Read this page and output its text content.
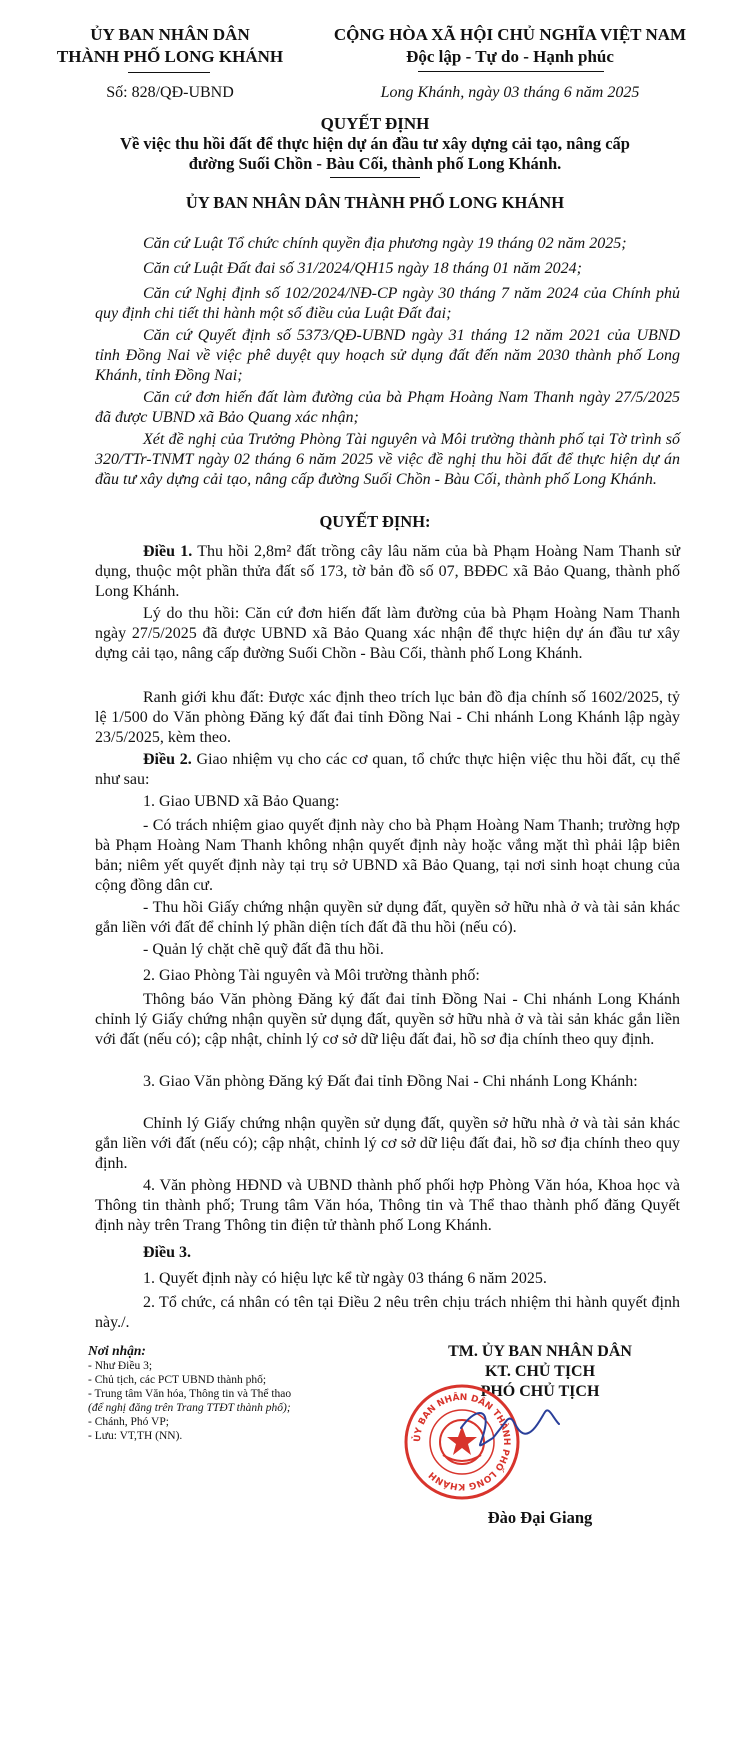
ỦY BAN NHÂN DÂN
THÀNH PHỐ LONG KHÁNH
CỘNG HÒA XÃ HỘI CHỦ NGHĨA VIỆT NAM
Độc lập - Tự do - Hạnh phúc
Số: 828/QĐ-UBND	Long Khánh, ngày 03 tháng 6 năm 2025
QUYẾT ĐỊNH
Về việc thu hồi đất để thực hiện dự án đầu tư xây dựng cải tạo, nâng cấp
đường Suối Chồn - Bàu Cối, thành phố Long Khánh.
ỦY BAN NHÂN DÂN THÀNH PHỐ LONG KHÁNH
Căn cứ Luật Tổ chức chính quyền địa phương ngày 19 tháng 02 năm 2025;
Căn cứ Luật Đất đai số 31/2024/QH15 ngày 18 tháng 01 năm 2024;
Căn cứ Nghị định số 102/2024/NĐ-CP ngày 30 tháng 7 năm 2024 của Chính phủ quy định chi tiết thi hành một số điều của Luật Đất đai;
Căn cứ Quyết định số 5373/QĐ-UBND ngày 31 tháng 12 năm 2021 của UBND tỉnh Đồng Nai về việc phê duyệt quy hoạch sử dụng đất đến năm 2030 thành phố Long Khánh, tỉnh Đồng Nai;
Căn cứ đơn hiến đất làm đường của bà Phạm Hoàng Nam Thanh ngày 27/5/2025 đã được UBND xã Bảo Quang xác nhận;
Xét đề nghị của Trưởng Phòng Tài nguyên và Môi trường thành phố tại Tờ trình số 320/TTr-TNMT ngày 02 tháng 6 năm 2025 về việc đề nghị thu hồi đất để thực hiện dự án đầu tư xây dựng cải tạo, nâng cấp đường Suối Chồn - Bàu Cối, thành phố Long Khánh.
QUYẾT ĐỊNH:
Điều 1. Thu hồi 2,8m² đất trồng cây lâu năm của bà Phạm Hoàng Nam Thanh sử dụng, thuộc một phần thửa đất số 173, tờ bản đồ số 07, BĐĐC xã Bảo Quang, thành phố Long Khánh.
Lý do thu hồi: Căn cứ đơn hiến đất làm đường của bà Phạm Hoàng Nam Thanh ngày 27/5/2025 đã được UBND xã Bảo Quang xác nhận để thực hiện dự án đầu tư xây dựng cải tạo, nâng cấp đường Suối Chồn - Bàu Cối, thành phố Long Khánh.
Ranh giới khu đất: Được xác định theo trích lục bản đồ địa chính số 1602/2025, tỷ lệ 1/500 do Văn phòng Đăng ký đất đai tỉnh Đồng Nai - Chi nhánh Long Khánh lập ngày 23/5/2025, kèm theo.
Điều 2. Giao nhiệm vụ cho các cơ quan, tổ chức thực hiện việc thu hồi đất, cụ thể như sau:
1. Giao UBND xã Bảo Quang:
- Có trách nhiệm giao quyết định này cho bà Phạm Hoàng Nam Thanh; trường hợp bà Phạm Hoàng Nam Thanh không nhận quyết định này hoặc vắng mặt thì phải lập biên bản; niêm yết quyết định này tại trụ sở UBND xã Bảo Quang, tại nơi sinh hoạt chung của cộng đồng dân cư.
- Thu hồi Giấy chứng nhận quyền sử dụng đất, quyền sở hữu nhà ở và tài sản khác gắn liền với đất để chỉnh lý phần diện tích đất đã thu hồi (nếu có).
- Quản lý chặt chẽ quỹ đất đã thu hồi.
2. Giao Phòng Tài nguyên và Môi trường thành phố:
Thông báo Văn phòng Đăng ký đất đai tỉnh Đồng Nai - Chi nhánh Long Khánh chỉnh lý Giấy chứng nhận quyền sử dụng đất, quyền sở hữu nhà ở và tài sản khác gắn liền với đất (nếu có); cập nhật, chỉnh lý cơ sở dữ liệu đất đai, hồ sơ địa chính theo quy định.
3. Giao Văn phòng Đăng ký Đất đai tỉnh Đồng Nai - Chi nhánh Long Khánh:
Chỉnh lý Giấy chứng nhận quyền sử dụng đất, quyền sở hữu nhà ở và tài sản khác gắn liền với đất (nếu có); cập nhật, chỉnh lý cơ sở dữ liệu đất đai, hồ sơ địa chính theo quy định.
4. Văn phòng HĐND và UBND thành phố phối hợp Phòng Văn hóa, Khoa học và Thông tin thành phố; Trung tâm Văn hóa, Thông tin và Thể thao thành phố đăng Quyết định này trên Trang Thông tin điện tử thành phố Long Khánh.
Điều 3.
1. Quyết định này có hiệu lực kể từ ngày 03 tháng 6 năm 2025.
2. Tổ chức, cá nhân có tên tại Điều 2 nêu trên chịu trách nhiệm thi hành quyết định này./.
Nơi nhận:
- Như Điều 3;
- Chủ tịch, các PCT UBND thành phố;
- Trung tâm Văn hóa, Thông tin và Thể thao
(để nghị đăng trên Trang TTĐT thành phố);
- Chánh, Phó VP;
- Lưu: VT,TH (NN).
TM. ỦY BAN NHÂN DÂN
KT. CHỦ TỊCH
PHÓ CHỦ TỊCH
ỦY BAN NHÂN DÂN THÀNH PHỐ LONG KHÁNH
Đào Đại Giang
